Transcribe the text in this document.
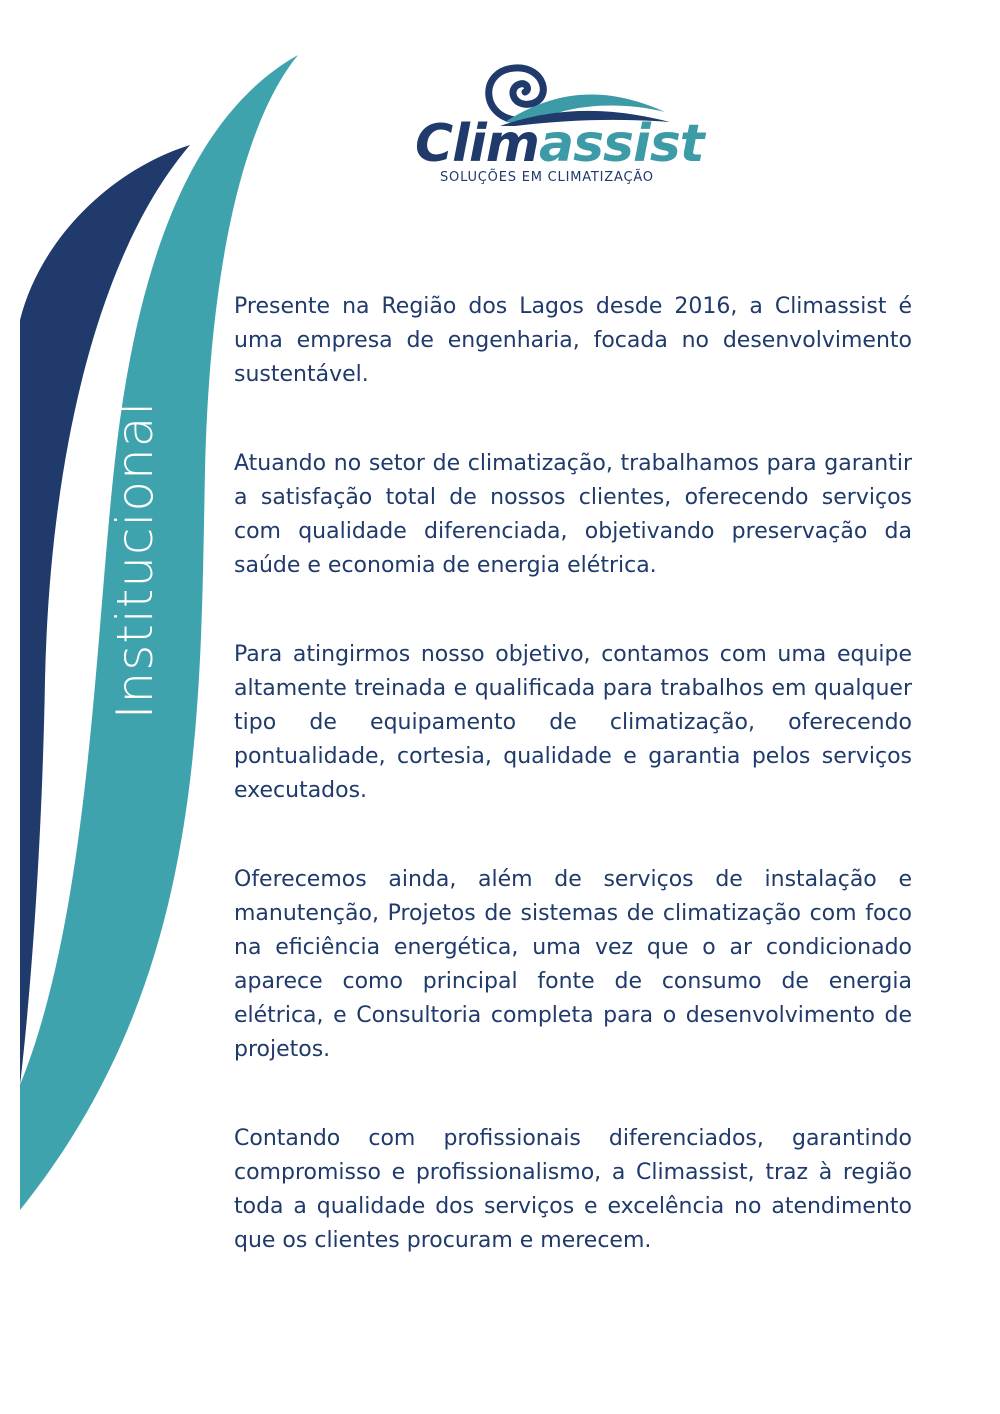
Institucional
Climassist
SOLUÇÕES EM CLIMATIZAÇÃO

Presente na Região dos Lagos desde 2016, a Climassist é uma empresa de engenharia, focada no desenvolvimento sustentável.

Atuando no setor de climatização, trabalhamos para garantir a satisfação total de nossos clientes, oferecendo serviços com qualidade diferenciada, objetivando preservação da saúde e economia de energia elétrica.

Para atingirmos nosso objetivo, contamos com uma equipe altamente treinada e qualificada para trabalhos em qualquer tipo de equipamento de climatização, oferecendo pontualidade, cortesia, qualidade e garantia pelos serviços executados.

Oferecemos ainda, além de serviços de instalação e manutenção, Projetos de sistemas de climatização com foco na eficiência energética, uma vez que o ar condicionado aparece como principal fonte de consumo de energia elétrica, e Consultoria completa para o desenvolvimento de projetos.

Contando com profissionais diferenciados, garantindo compromisso e profissionalismo, a Climassist, traz à região toda a qualidade dos serviços e excelência no atendimento que os clientes procuram e merecem.
